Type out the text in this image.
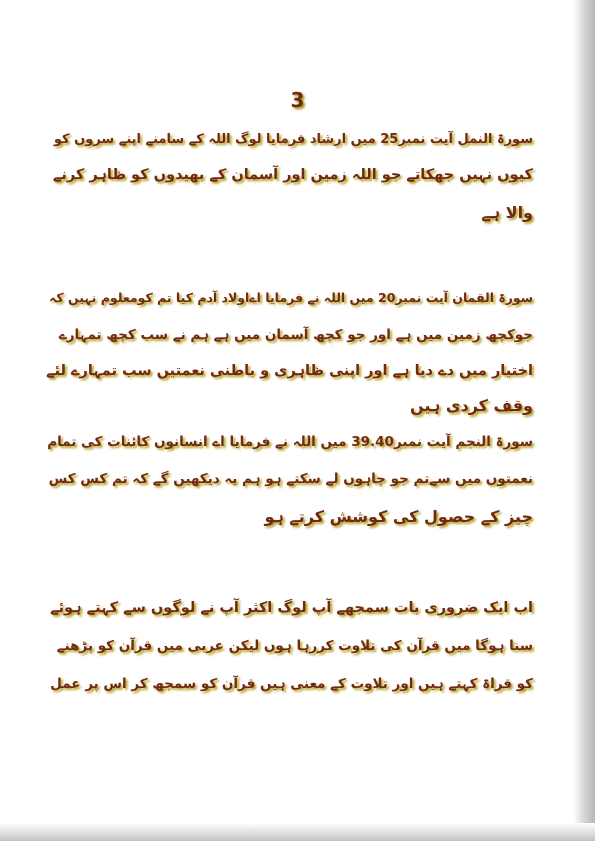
3
سورۃ النمل آیت نمبر25 میں ارشاد فرمایا لوگ اللہ کے سامنے اپنے سروں کو
کیوں نہیں جھکاتے جو اللہ زمین اور آسمان کے بھیدوں کو ظاہر کرنے
والا ہے
سورۃ القمان آیت نمبر20 میں اللہ نے فرمایا اےاولاد آدم کیا تم کومعلوم نہیں کہ
جوکچھ زمین میں ہے اور جو کچھ آسمان میں ہے ہم نے سب کچھ تمہارے
اختیار میں دے دیا ہے اور اپنی ظاہری و باطنی نعمتیں سب تمہارے لئے
وقف کردی ہیں
سورۃ النجم آیت نمبر39.40 میں اللہ نے فرمایا اے انسانوں کائنات کی تمام
نعمتوں میں سےتم جو چاہوں لے سکتے ہو ہم یہ دیکھیں گے کہ تم کس کس
چیز کے حصول کی کوشش کرتے ہو
اب ایک ضروری بات سمجھے آپ لوگ اکثر آپ نے لوگوں سے کہتے ہوئے
سنا ہوگا میں قرآن کی تلاوت کررہا ہوں لیکن عربی میں قرآن کو پڑھنے
کو قراۃ کہتے ہیں اور تلاوت کے معنی ہیں قرآن کو سمجھ کر اس پر عمل
